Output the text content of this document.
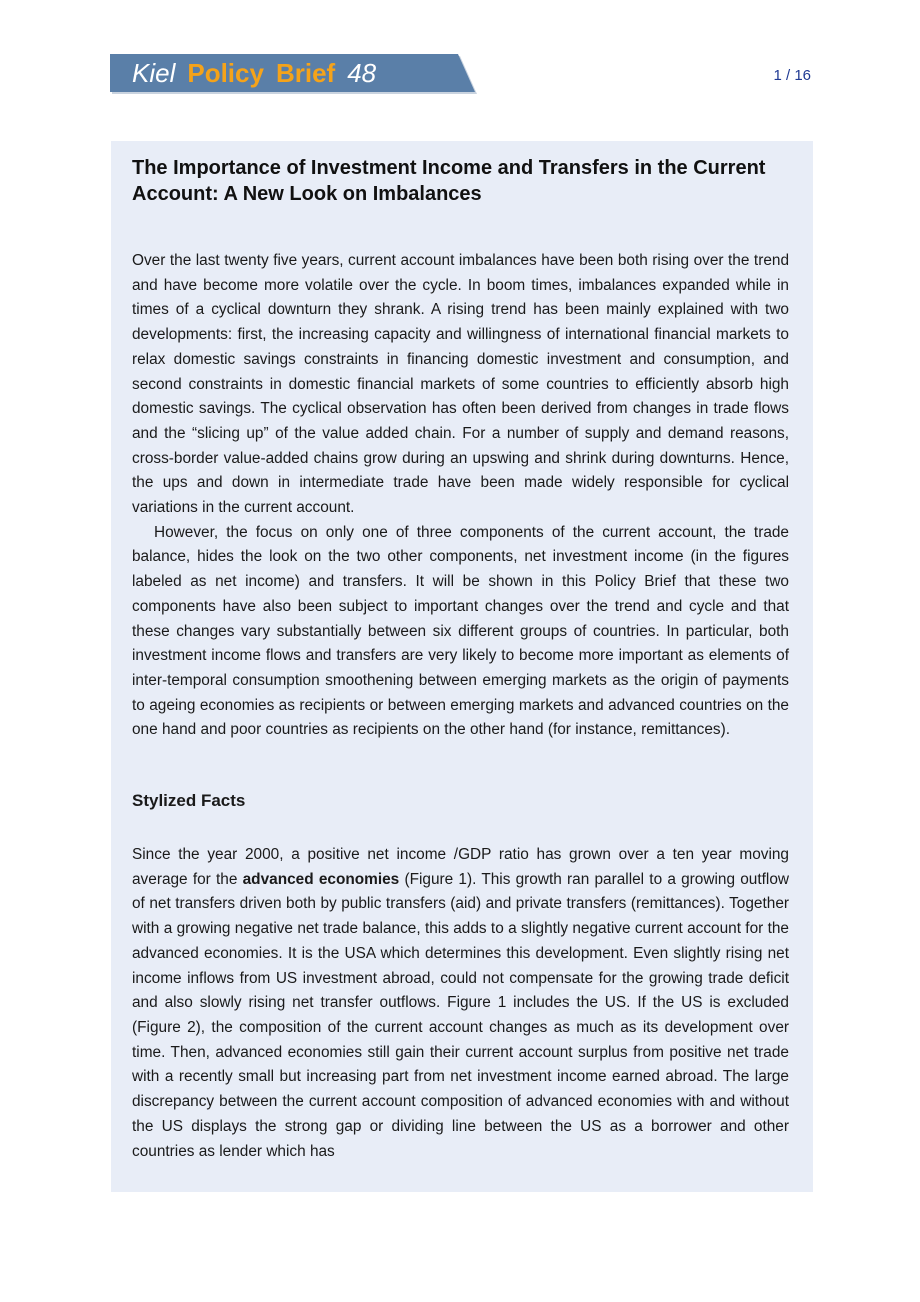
Kiel Policy Brief 48	1 / 16
The Importance of Investment Income and Transfers in the Current Account: A New Look on Imbalances

Over the last twenty five years, current account imbalances have been both rising over the trend and have become more volatile over the cycle. In boom times, imbalances expanded while in times of a cyclical downturn they shrank. A rising trend has been mainly explained with two developments: first, the increasing capacity and willingness of international financial markets to relax domestic savings constraints in financing domestic investment and consumption, and second constraints in domestic financial markets of some countries to efficiently absorb high domestic savings. The cyclical observation has often been derived from changes in trade flows and the “slicing up” of the value added chain. For a number of supply and demand reasons, cross-border value-added chains grow during an upswing and shrink during downturns. Hence, the ups and down in intermediate trade have been made widely responsible for cyclical variations in the current account.

However, the focus on only one of three components of the current account, the trade balance, hides the look on the two other components, net investment income (in the figures labeled as net income) and transfers. It will be shown in this Policy Brief that these two components have also been subject to important changes over the trend and cycle and that these changes vary substantially between six different groups of countries. In particular, both investment income flows and transfers are very likely to become more important as elements of inter-temporal consumption smoothening between emerging markets as the origin of payments to ageing economies as recipients or between emerging markets and advanced countries on the one hand and poor countries as recipients on the other hand (for instance, remittances).

Stylized Facts

Since the year 2000, a positive net income /GDP ratio has grown over a ten year moving average for the advanced economies (Figure 1). This growth ran parallel to a growing outflow of net transfers driven both by public transfers (aid) and private transfers (remittances). Together with a growing negative net trade balance, this adds to a slightly negative current account for the advanced economies. It is the USA which determines this development. Even slightly rising net income inflows from US investment abroad, could not compensate for the growing trade deficit and also slowly rising net transfer outflows. Figure 1 includes the US. If the US is excluded (Figure 2), the composition of the current account changes as much as its development over time. Then, advanced economies still gain their current account surplus from positive net trade with a recently small but increasing part from net investment income earned abroad. The large discrepancy between the current account composition of advanced economies with and without the US displays the strong gap or dividing line between the US as a borrower and other countries as lender which has
